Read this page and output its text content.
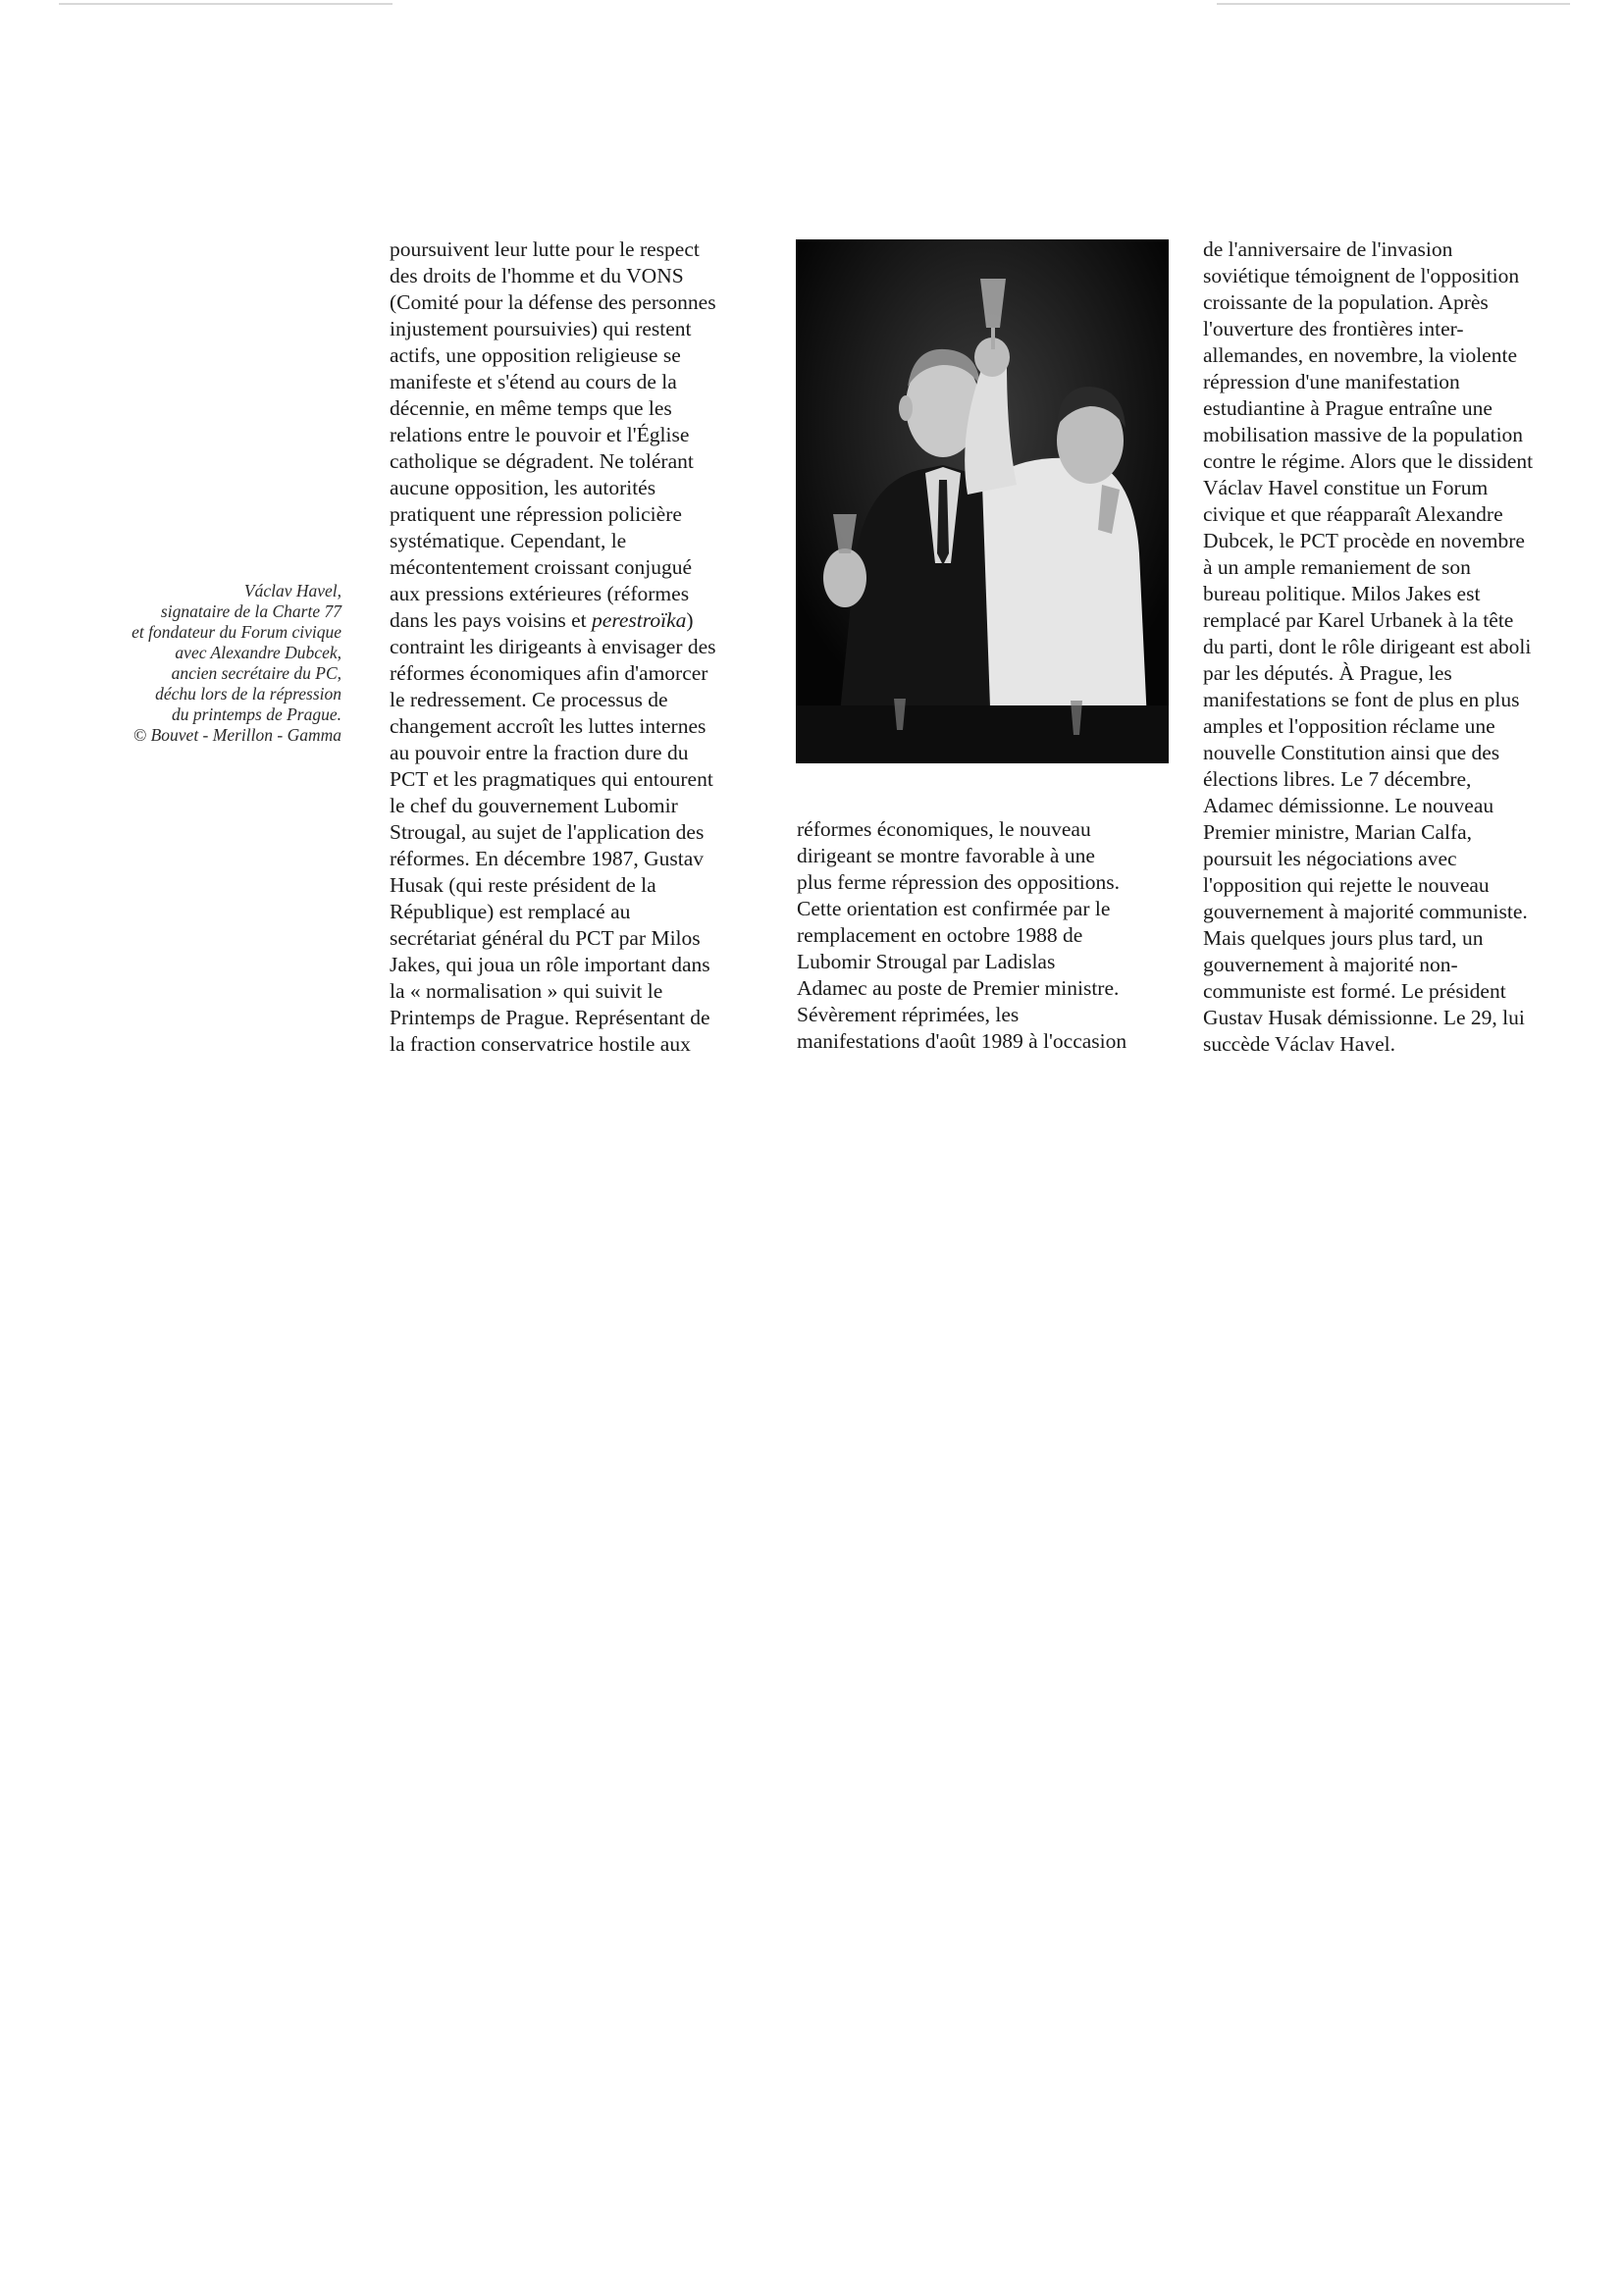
Václav Havel,
signataire de la Charte 77
et fondateur du Forum civique
avec Alexandre Dubcek,
ancien secrétaire du PC,
déchu lors de la répression
du printemps de Prague.
© Bouvet - Merillon - Gamma
poursuivent leur lutte pour le respect
des droits de l'homme et du VONS
(Comité pour la défense des personnes
injustement poursuivies) qui restent
actifs, une opposition religieuse se
manifeste et s'étend au cours de la
décennie, en même temps que les
relations entre le pouvoir et l'Église
catholique se dégradent. Ne tolérant
aucune opposition, les autorités
pratiquent une répression policière
systématique. Cependant, le
mécontentement croissant conjugué
aux pressions extérieures (réformes
dans les pays voisins et perestroïka)
contraint les dirigeants à envisager des
réformes économiques afin d'amorcer
le redressement. Ce processus de
changement accroît les luttes internes
au pouvoir entre la fraction dure du
PCT et les pragmatiques qui entourent
le chef du gouvernement Lubomir
Strougal, au sujet de l'application des
réformes. En décembre 1987, Gustav
Husak (qui reste président de la
République) est remplacé au
secrétariat général du PCT par Milos
Jakes, qui joua un rôle important dans
la « normalisation » qui suivit le
Printemps de Prague. Représentant de
la fraction conservatrice hostile aux
réformes économiques, le nouveau
dirigeant se montre favorable à une
plus ferme répression des oppositions.
Cette orientation est confirmée par le
remplacement en octobre 1988 de
Lubomir Strougal par Ladislas
Adamec au poste de Premier ministre.
Sévèrement réprimées, les
manifestations d'août 1989 à l'occasion
de l'anniversaire de l'invasion
soviétique témoignent de l'opposition
croissante de la population. Après
l'ouverture des frontières inter-
allemandes, en novembre, la violente
répression d'une manifestation
estudiantine à Prague entraîne une
mobilisation massive de la population
contre le régime. Alors que le dissident
Václav Havel constitue un Forum
civique et que réapparaît Alexandre
Dubcek, le PCT procède en novembre
à un ample remaniement de son
bureau politique. Milos Jakes est
remplacé par Karel Urbanek à la tête
du parti, dont le rôle dirigeant est aboli
par les députés. À Prague, les
manifestations se font de plus en plus
amples et l'opposition réclame une
nouvelle Constitution ainsi que des
élections libres. Le 7 décembre,
Adamec démissionne. Le nouveau
Premier ministre, Marian Calfa,
poursuit les négociations avec
l'opposition qui rejette le nouveau
gouvernement à majorité communiste.
Mais quelques jours plus tard, un
gouvernement à majorité non-
communiste est formé. Le président
Gustav Husak démissionne. Le 29, lui
succède Václav Havel.
